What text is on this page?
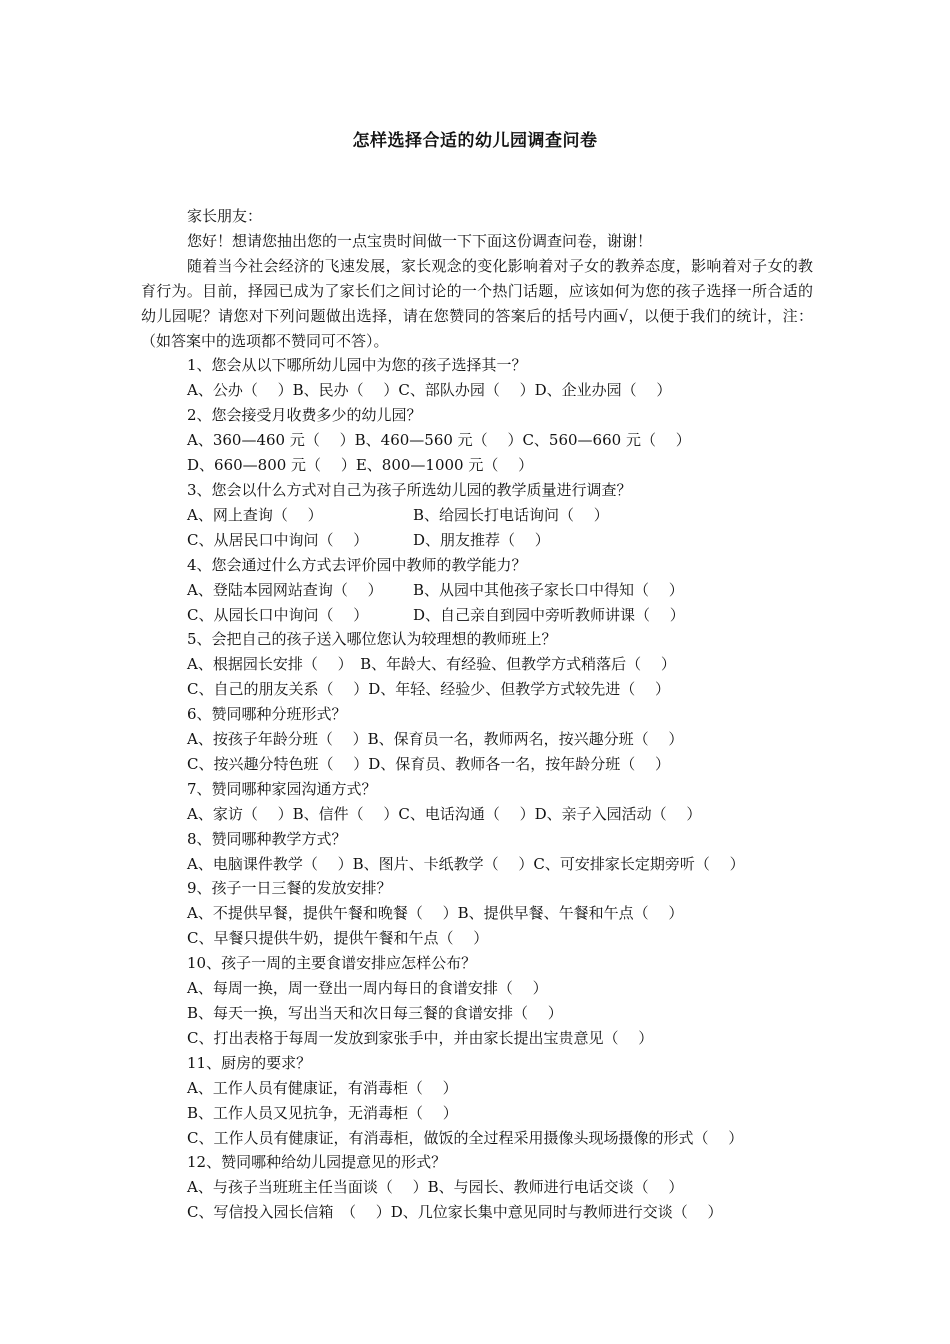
怎样选择合适的幼儿园调查问卷

家长朋友：

您好！想请您抽出您的一点宝贵时间做一下下面这份调查问卷，谢谢！

随着当今社会经济的飞速发展，家长观念的变化影响着对子女的教养态度，影响着对子女的教育行为。目前，择园已成为了家长们之间讨论的一个热门话题，应该如何为您的孩子选择一所合适的幼儿园呢？请您对下列问题做出选择，请在您赞同的答案后的括号内画√，以便于我们的统计，注：（如答案中的选项都不赞同可不答）。

1、您会从以下哪所幼儿园中为您的孩子选择其一？

A、公办（　 ）B、民办（　 ）C、部队办园（　 ）D、企业办园（　 ）

2、您会接受月收费多少的幼儿园？

A、360—460 元（　 ）B、460—560 元（　 ）C、560—660 元（　 ）

D、660—800 元（　 ）E、800—1000 元（　 ）

3、您会以什么方式对自己为孩子所选幼儿园的教学质量进行调查？

A、网上查询（　 ）	B、给园长打电话询问（　 ）

C、从居民口中询问（　 ）	D、朋友推荐（　 ）

4、您会通过什么方式去评价园中教师的教学能力？

A、登陆本园网站查询（　 ） B、从园中其他孩子家长口中得知（　 ）

C、从园长口中询问（　 ）	D、自己亲自到园中旁听教师讲课（　 ）

5、会把自己的孩子送入哪位您认为较理想的教师班上？

A、根据园长安排（　 ）　B、年龄大、有经验、但教学方式稍落后（　 ）

C、自己的朋友关系（　 ）D、年轻、经验少、但教学方式较先进（　 ）

6、赞同哪种分班形式？

A、按孩子年龄分班（　 ）B、保育员一名，教师两名，按兴趣分班（　 ）

C、按兴趣分特色班（　 ）D、保育员、教师各一名，按年龄分班（　 ）

7、赞同哪种家园沟通方式？

A、家访（　 ）B、信件（　 ）C、电话沟通（　 ）D、亲子入园活动（　 ）

8、赞同哪种教学方式？

A、电脑课件教学（　 ）B、图片、卡纸教学（　 ）C、可安排家长定期旁听（　 ）

9、孩子一日三餐的发放安排？

A、不提供早餐，提供午餐和晚餐（　 ）B、提供早餐、午餐和午点（　 ）

C、早餐只提供牛奶，提供午餐和午点（　 ）

10、孩子一周的主要食谱安排应怎样公布？

A、每周一换，周一登出一周内每日的食谱安排（　 ）

B、每天一换，写出当天和次日每三餐的食谱安排（　 ）

C、打出表格于每周一发放到家张手中，并由家长提出宝贵意见（　 ）

11、厨房的要求？

A、工作人员有健康证，有消毒柜（　 ）

B、工作人员又见抗争，无消毒柜（　 ）

C、工作人员有健康证，有消毒柜，做饭的全过程采用摄像头现场摄像的形式（　 ）

12、赞同哪种给幼儿园提意见的形式？

A、与孩子当班班主任当面谈（　 ）B、与园长、教师进行电话交谈（　 ）

C、写信投入园长信箱　（　 ）D、几位家长集中意见同时与教师进行交谈（　 ）
